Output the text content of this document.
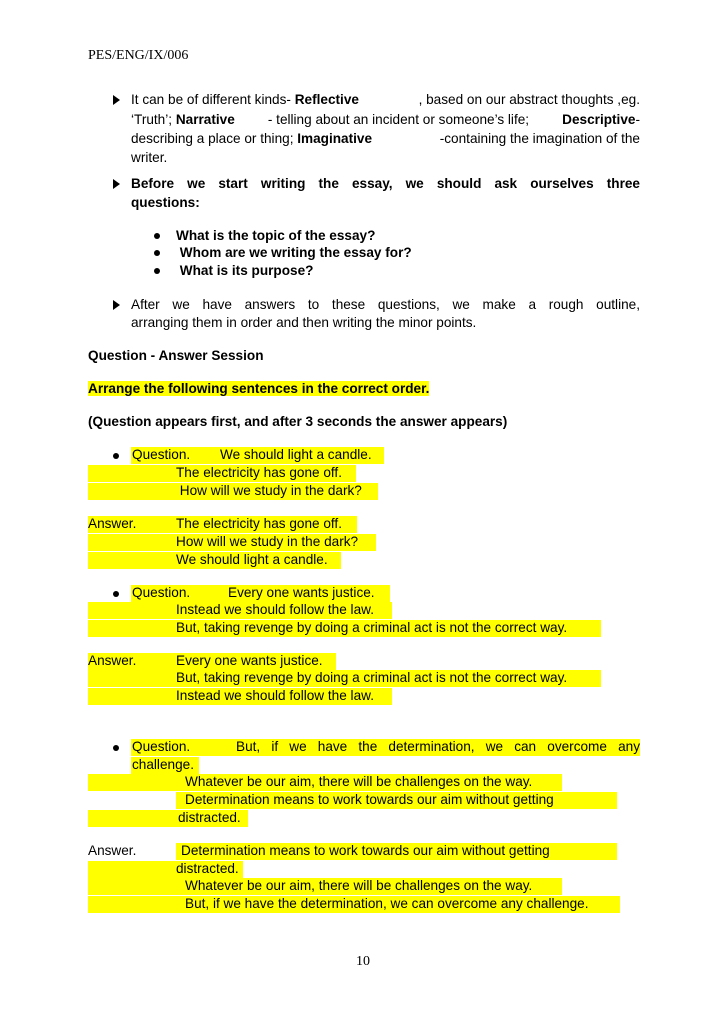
PES/ENG/IX/006
It can be of different kinds- Reflective	, based on our abstract thoughts ,eg.
‘Truth’; Narrative - telling about an incident or someone’s life; Descriptive-
describing a place or thing; Imaginative	-containing the imagination of the
writer.
Before we start writing the essay, we should ask ourselves three
questions:
What is the topic of the essay?
Whom are we writing the essay for?
What is its purpose?
After we have answers to these questions, we make a rough outline,
arranging them in order and then writing the minor points.
Question - Answer Session
Arrange the following sentences in the correct order.
(Question appears first, and after 3 seconds the answer appears)
Question. We should light a candle.
The electricity has gone off.
How will we study in the dark?
Answer.	The electricity has gone off.
How will we study in the dark?
We should light a candle.
Question.	Every one wants justice.
Instead we should follow the law.
But, taking revenge by doing a criminal act is not the correct way.
Answer.	Every one wants justice.
But, taking revenge by doing a criminal act is not the correct way.
Instead we should follow the law.
Question.	But, if we have the determination, we can overcome any
challenge.
Whatever be our aim, there will be challenges on the way.
Determination means to work towards our aim without getting
distracted.
Answer.	Determination means to work towards our aim without getting
distracted.
Whatever be our aim, there will be challenges on the way.
But, if we have the determination, we can overcome any challenge.
10
